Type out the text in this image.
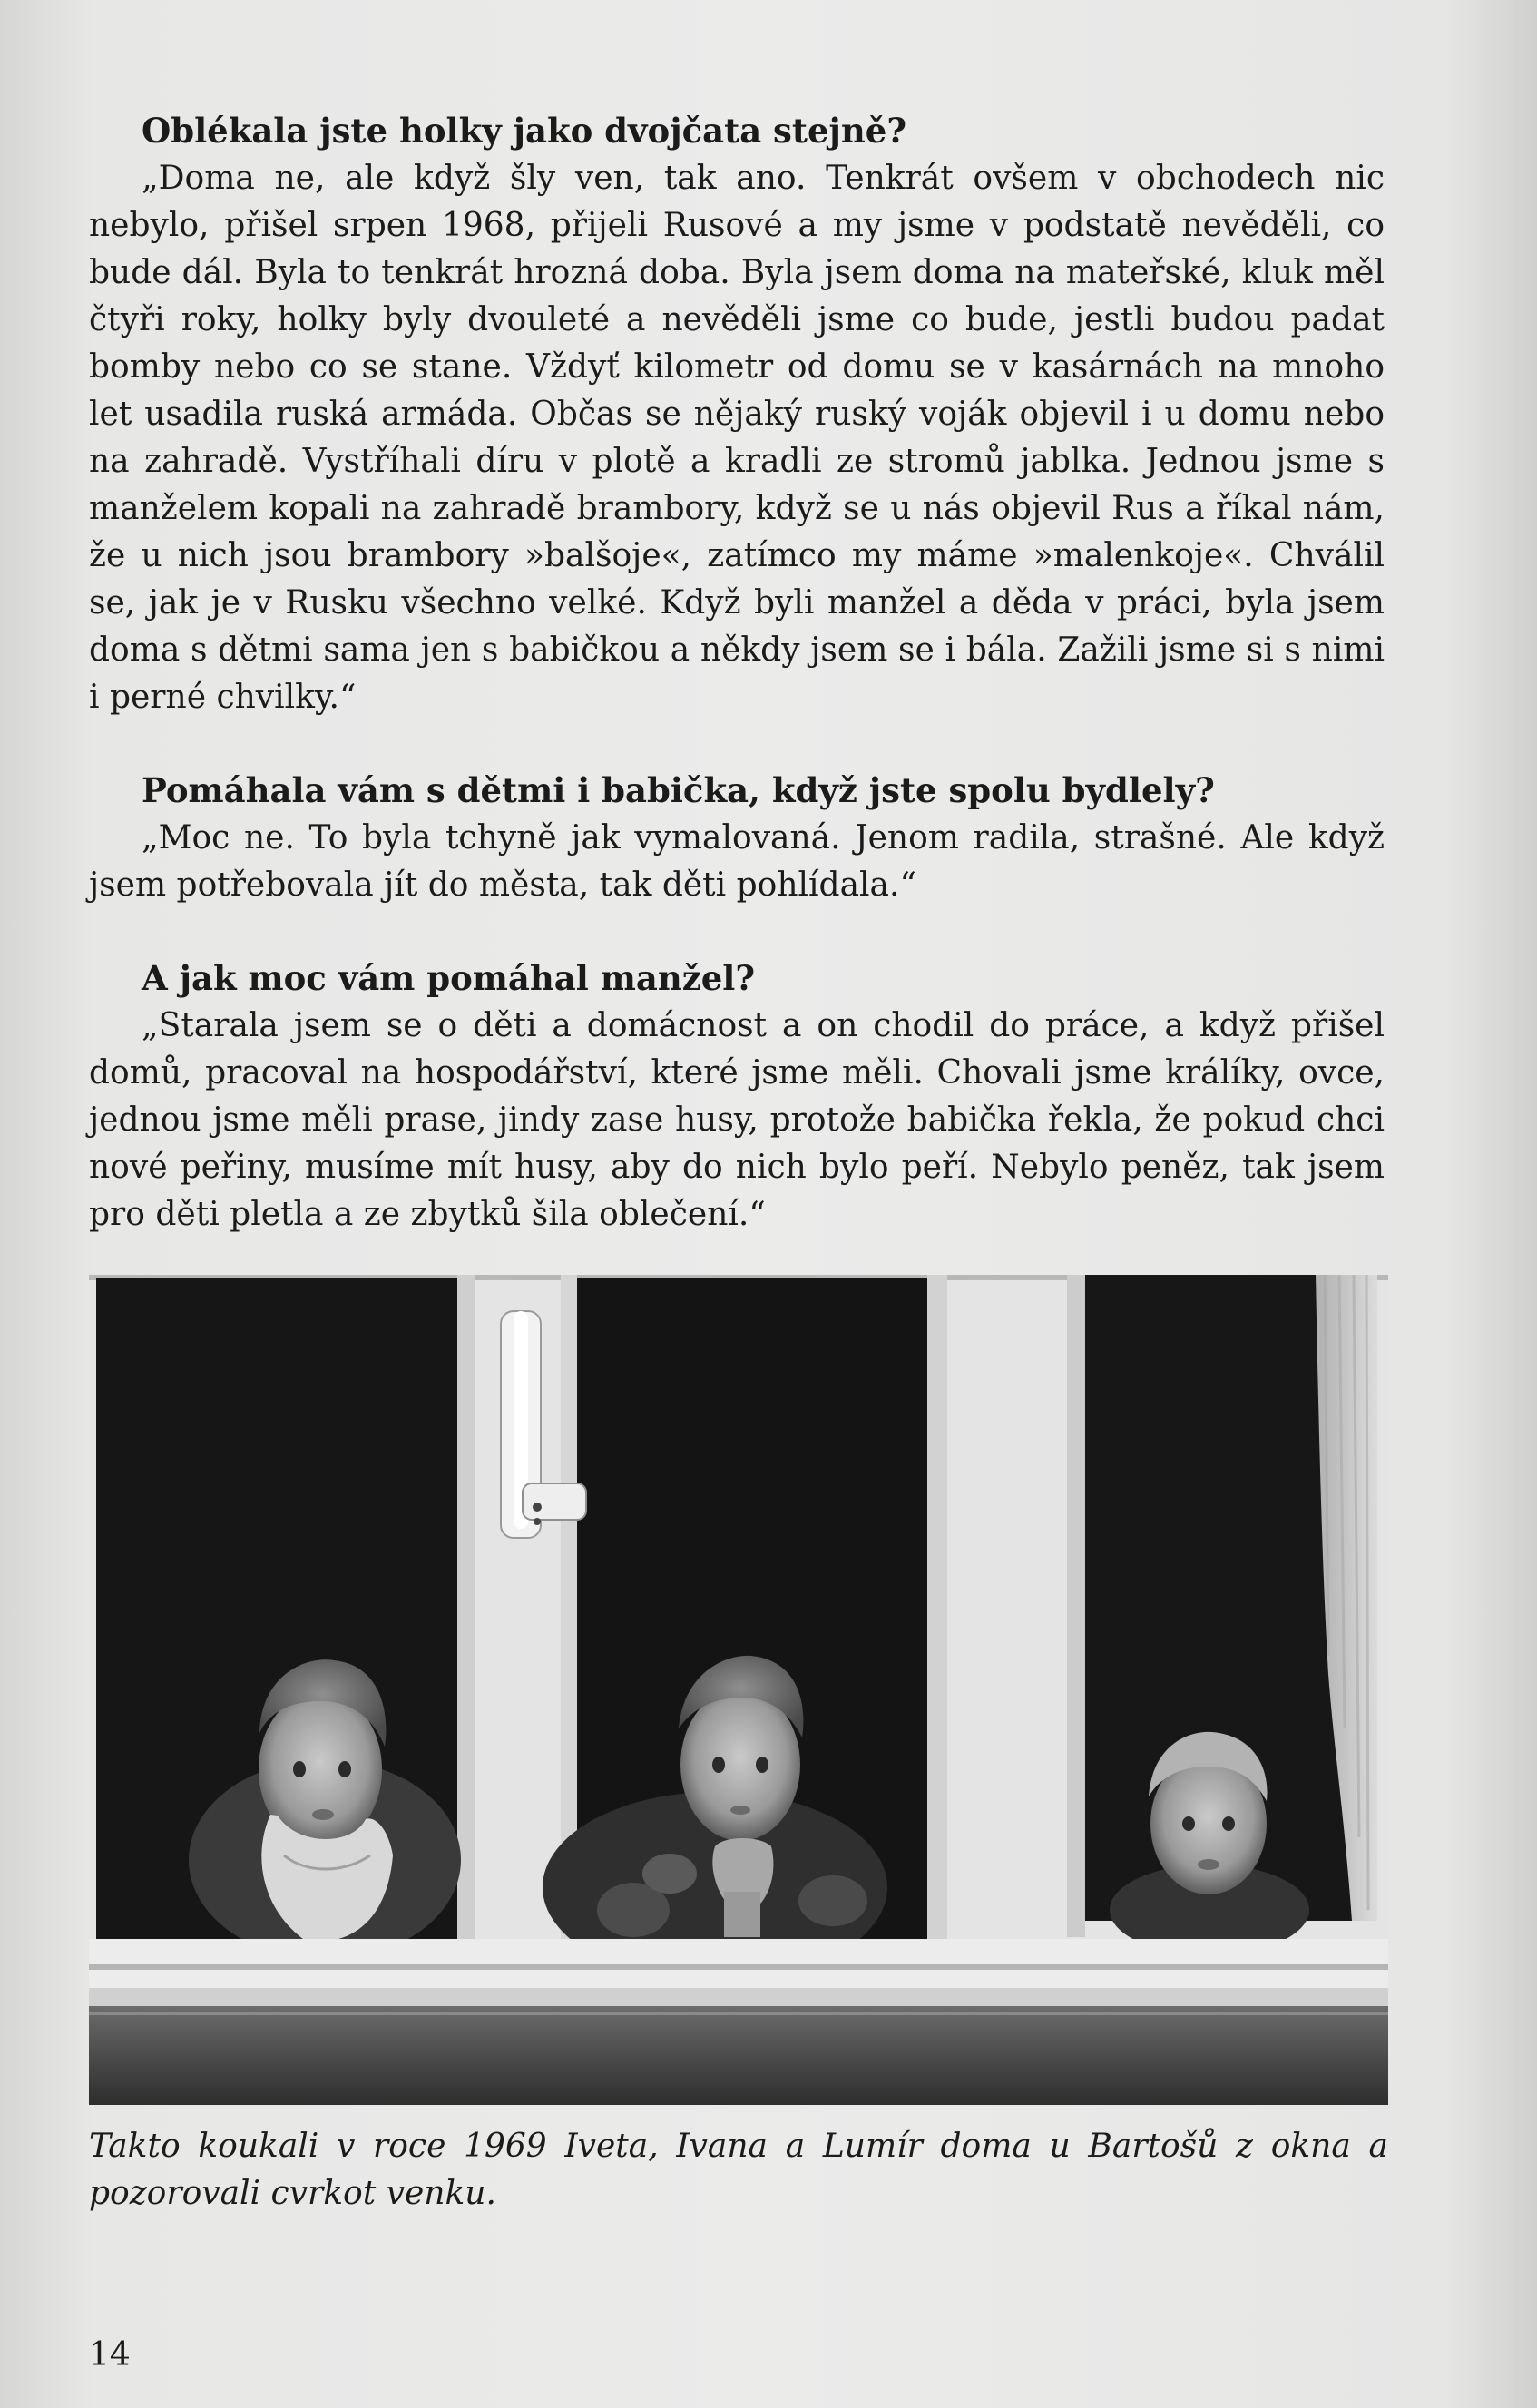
Oblékala jste holky jako dvojčata stejně?

„Doma ne, ale když šly ven, tak ano. Tenkrát ovšem v obchodech nic nebylo, přišel srpen 1968, přijeli Rusové a my jsme v podstatě nevěděli, co bude dál. Byla to tenkrát hrozná doba. Byla jsem doma na mateřské, kluk měl čtyři roky, holky byly dvouleté a nevěděli jsme co bude, jestli budou padat bomby nebo co se stane. Vždyť kilometr od domu se v kasárnách na mnoho let usadila ruská armáda. Občas se nějaký ruský voják objevil i u domu nebo na zahradě. Vystříhali díru v plotě a kradli ze stromů jablka. Jednou jsme s manželem kopali na zahradě brambory, když se u nás objevil Rus a říkal nám, že u nich jsou brambory »balšoje«, zatímco my máme »malenkoje«. Chválil se, jak je v Rusku všechno velké. Když byli manžel a děda v práci, byla jsem doma s dětmi sama jen s babičkou a někdy jsem se i bála. Zažili jsme si s nimi i perné chvilky.“

Pomáhala vám s dětmi i babička, když jste spolu bydlely?

„Moc ne. To byla tchyně jak vymalovaná. Jenom radila, strašné. Ale když jsem potřebovala jít do města, tak děti pohlídala.“

A jak moc vám pomáhal manžel?

„Starala jsem se o děti a domácnost a on chodil do práce, a když přišel domů, pracoval na hospodářství, které jsme měli. Chovali jsme králíky, ovce, jednou jsme měli prase, jindy zase husy, protože babička řekla, že pokud chci nové peřiny, musíme mít husy, aby do nich bylo peří. Nebylo peněz, tak jsem pro děti pletla a ze zbytků šila oblečení.“

Takto koukali v roce 1969 Iveta, Ivana a Lumír doma u Bartošů z okna a pozorovali cvrkot venku.

14
